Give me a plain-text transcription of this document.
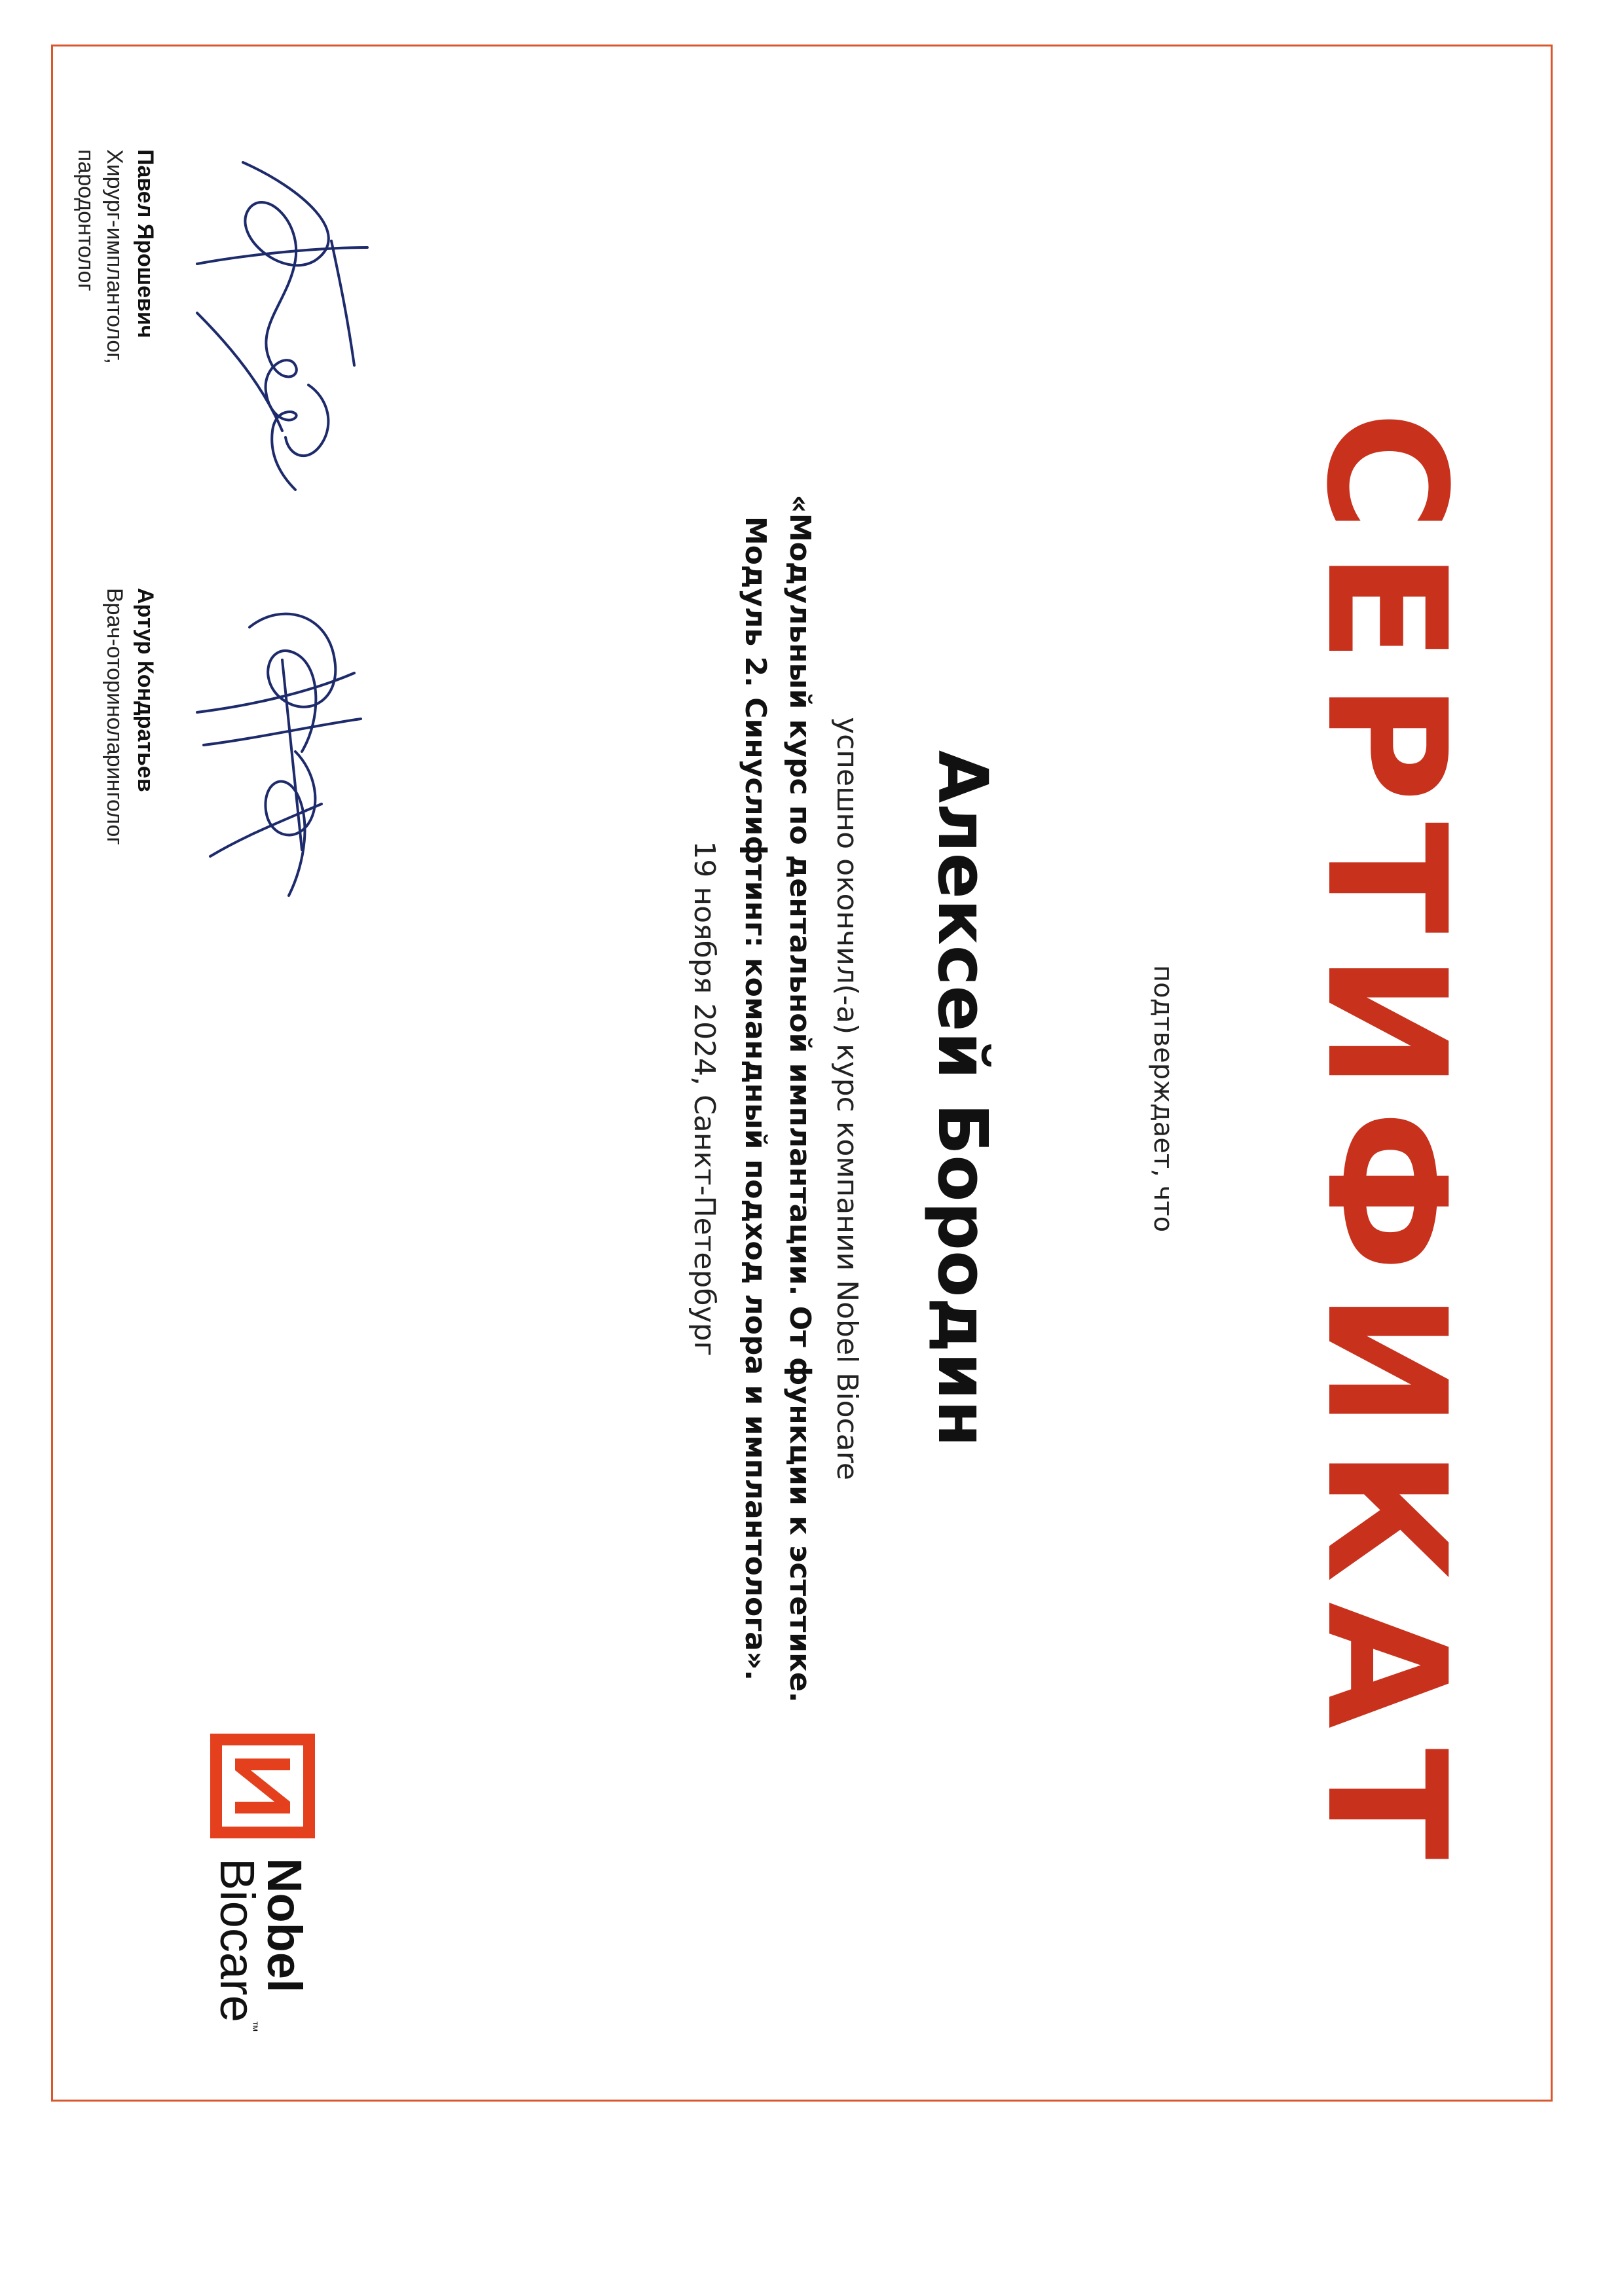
СЕРТИФИКАТ
подтверждает, что
Алексей Бородин
успешно окончил(-а) курс компании Nobel Biocare
«Модульный курс по дентальной имплантации. От функции к эстетике.
Модуль 2. Синуслифтинг: командный подход лора и имплантолога».
19 ноября 2024, Санкт-Петербург
Павел Ярошевич
Хирург-имплантолог,
пародонтолог
Артур Кондратьев
Врач-оториноларинголог
Nobel
Biocare
™
